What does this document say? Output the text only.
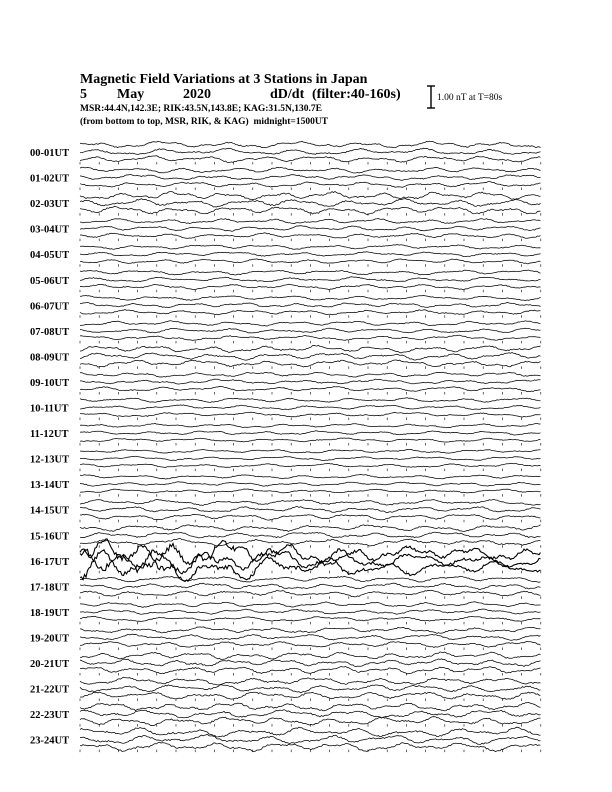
Magnetic Field Variations at 3 Stations in Japan
5 May	2020	dD/dt (filter:40-160s)
MSR:44.4N,142.3E; RIK:43.5N,143.8E; KAG:31.5N,130.7E
(from bottom to top, MSR, RIK, & KAG) midnight=1500UT
1.00 nT at T=80s
00-01UT
01-02UT
02-03UT
03-04UT
04-05UT
05-06UT
06-07UT
07-08UT
08-09UT
09-10UT
10-11UT
11-12UT
12-13UT
13-14UT
14-15UT
15-16UT
16-17UT
17-18UT
18-19UT
19-20UT
20-21UT
21-22UT
22-23UT
23-24UT
